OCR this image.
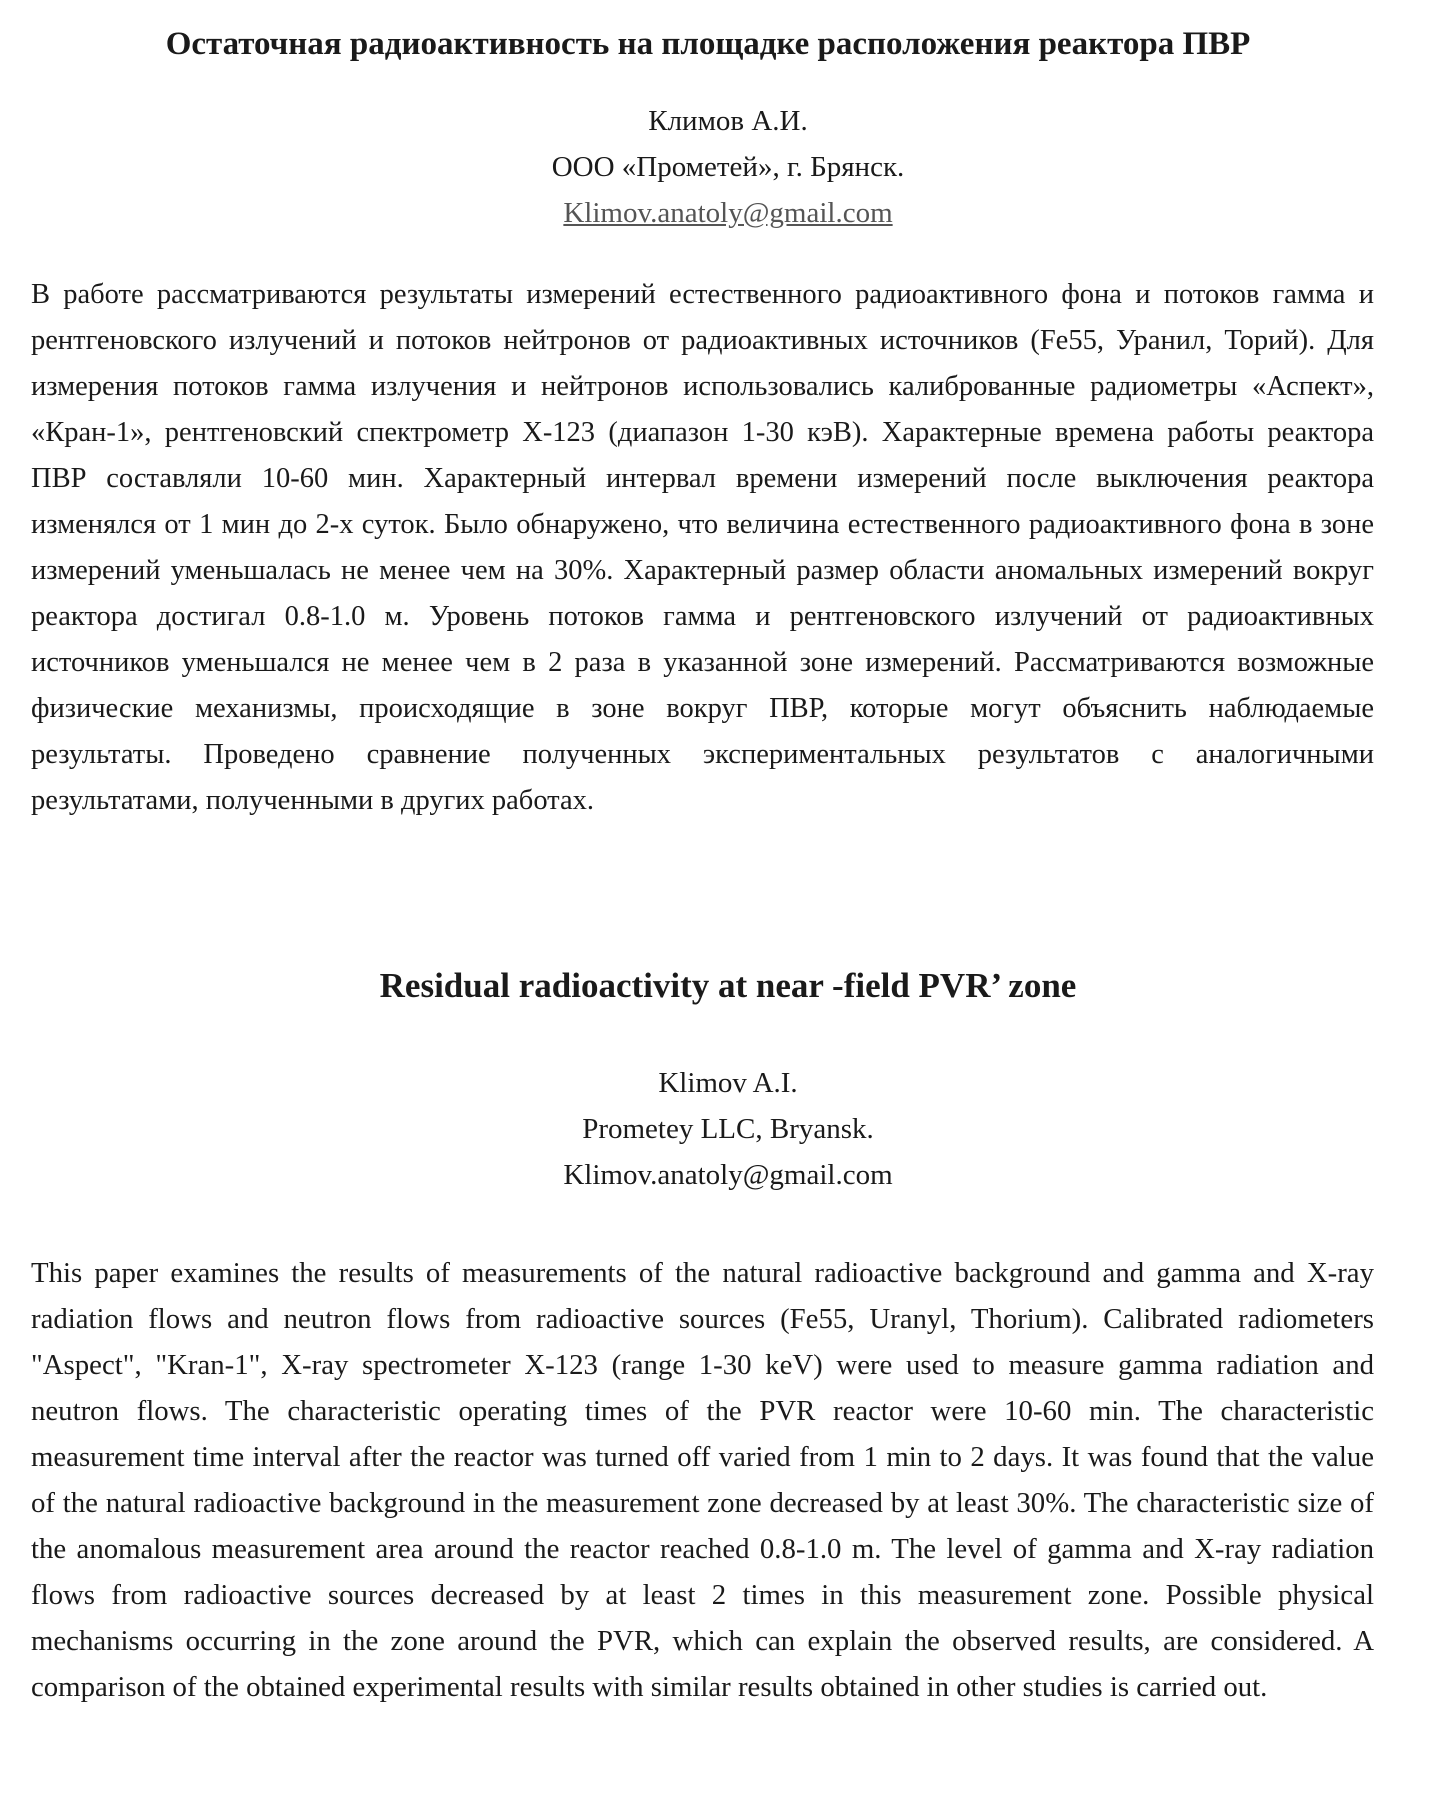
Остаточная радиоактивность на площадке расположения реактора ПВР
Климов А.И.
ООО «Прометей», г. Брянск.
Klimov.anatoly@gmail.com

В работе рассматриваются результаты измерений естественного радиоактивного фона и потоков гамма и рентгеновского излучений и потоков нейтронов от радиоактивных источников (Fe55, Уранил, Торий). Для измерения потоков гамма излучения и нейтронов использовались калиброванные радиометры «Аспект», «Кран-1», рентгеновский спектрометр X-123 (диапазон 1-30 кэВ). Характерные времена работы реактора ПВР составляли 10-60 мин. Характерный интервал времени измерений после выключения реактора изменялся от 1 мин до 2-х суток. Было обнаружено, что величина естественного радиоактивного фона в зоне измерений уменьшалась не менее чем на 30%. Характерный размер области аномальных измерений вокруг реактора достигал 0.8-1.0 м. Уровень потоков гамма и рентгеновского излучений от радиоактивных источников уменьшался не менее чем в 2 раза в указанной зоне измерений. Рассматриваются возможные физические механизмы, происходящие в зоне вокруг ПВР, которые могут объяснить наблюдаемые результаты. Проведено сравнение полученных экспериментальных результатов с аналогичными результатами, полученными в других работах.

Residual radioactivity at near -field PVR’ zone
Klimov A.I.
Prometey LLC, Bryansk.
Klimov.anatoly@gmail.com

This paper examines the results of measurements of the natural radioactive background and gamma and X-ray radiation flows and neutron flows from radioactive sources (Fe55, Uranyl, Thorium). Calibrated radiometers "Aspect", "Kran-1", X-ray spectrometer X-123 (range 1-30 keV) were used to measure gamma radiation and neutron flows. The characteristic operating times of the PVR reactor were 10-60 min. The characteristic measurement time interval after the reactor was turned off varied from 1 min to 2 days. It was found that the value of the natural radioactive background in the measurement zone decreased by at least 30%. The characteristic size of the anomalous measurement area around the reactor reached 0.8-1.0 m. The level of gamma and X-ray radiation flows from radioactive sources decreased by at least 2 times in this measurement zone. Possible physical mechanisms occurring in the zone around the PVR, which can explain the observed results, are considered. A comparison of the obtained experimental results with similar results obtained in other studies is carried out.
